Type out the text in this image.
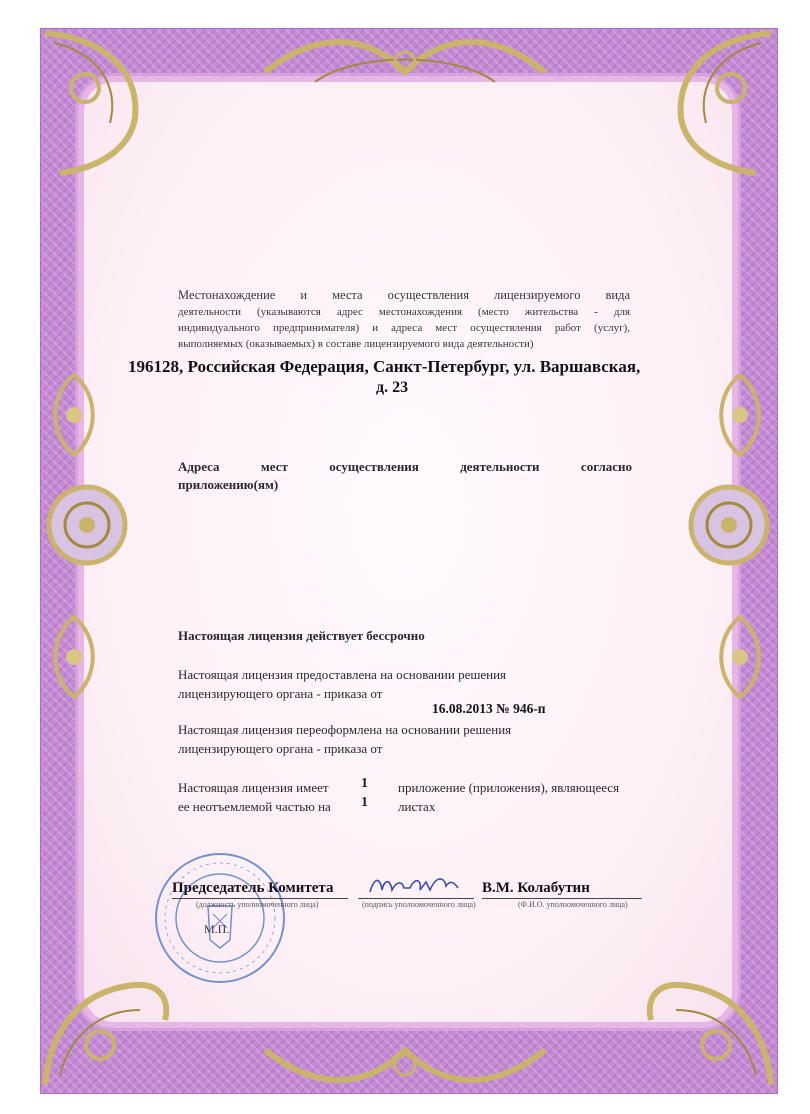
Местонахождение и места осуществления лицензируемого вида
деятельности (указываются адрес местонахождения (место жительства - для
индивидуального предпринимателя) и адреса мест осуществления работ (услуг),
выполняемых (оказываемых) в составе лицензируемого вида деятельности)
196128, Российская Федерация, Санкт-Петербург, ул. Варшавская,
д. 23
Адреса мест осуществления деятельности согласно
приложению(ям)
Настоящая лицензия действует бессрочно
Настоящая лицензия предоставлена на основании решения
лицензирующего органа - приказа от
16.08.2013 № 946-п
Настоящая лицензия переоформлена на основании решения
лицензирующего органа - приказа от
Настоящая лицензия имеет 1 приложение (приложения), являющееся
ее неотъемлемой частью на 1 листах
Председатель Комитета	В.М. Колабутин
(должность уполномоченного лица)	(подпись уполномоченного лица)	(Ф.И.О. уполномоченного лица)
М.П.
